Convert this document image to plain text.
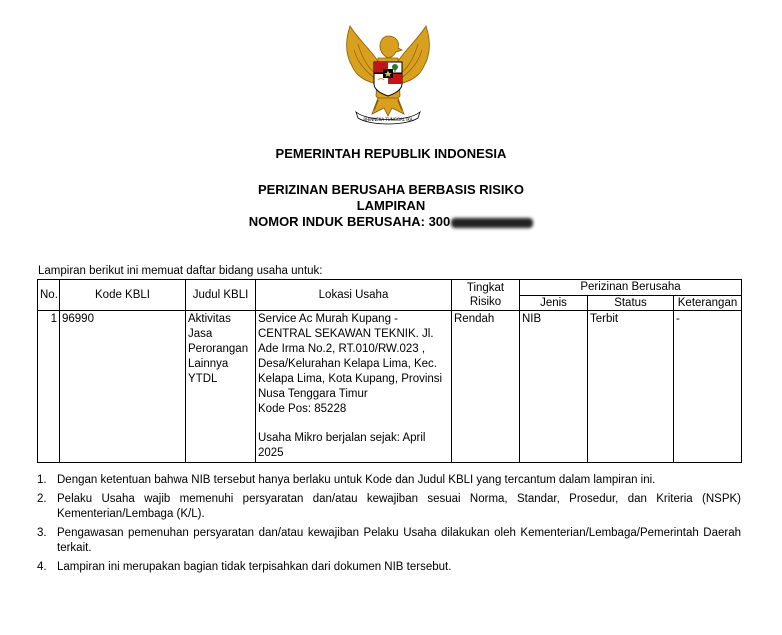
BHINNEKA TUNGGAL IKA
PEMERINTAH REPUBLIK INDONESIA
PERIZINAN BERUSAHA BERBASIS RISIKO
LAMPIRAN
NOMOR INDUK BERUSAHA: 300
Lampiran berikut ini memuat daftar bidang usaha untuk:
No.	Kode KBLI	Judul KBLI	Lokasi Usaha	Tingkat Risiko	Perizinan Berusaha		
					Jenis	Status	Keterangan
1	96990	Aktivitas Jasa Perorangan Lainnya YTDL	Service Ac Murah Kupang - CENTRAL SEKAWAN TEKNIK. Jl. Ade Irma No.2, RT.010/RW.023 , Desa/Kelurahan Kelapa Lima, Kec. Kelapa Lima, Kota Kupang, Provinsi Nusa Tenggara Timur
Kode Pos: 85228
Usaha Mikro berjalan sejak: April 2025	Rendah	NIB	Terbit	-
1. Dengan ketentuan bahwa NIB tersebut hanya berlaku untuk Kode dan Judul KBLI yang tercantum dalam lampiran ini.
2. Pelaku Usaha wajib memenuhi persyaratan dan/atau kewajiban sesuai Norma, Standar, Prosedur, dan Kriteria (NSPK) Kementerian/Lembaga (K/L).
3. Pengawasan pemenuhan persyaratan dan/atau kewajiban Pelaku Usaha dilakukan oleh Kementerian/Lembaga/Pemerintah Daerah terkait.
4. Lampiran ini merupakan bagian tidak terpisahkan dari dokumen NIB tersebut.
